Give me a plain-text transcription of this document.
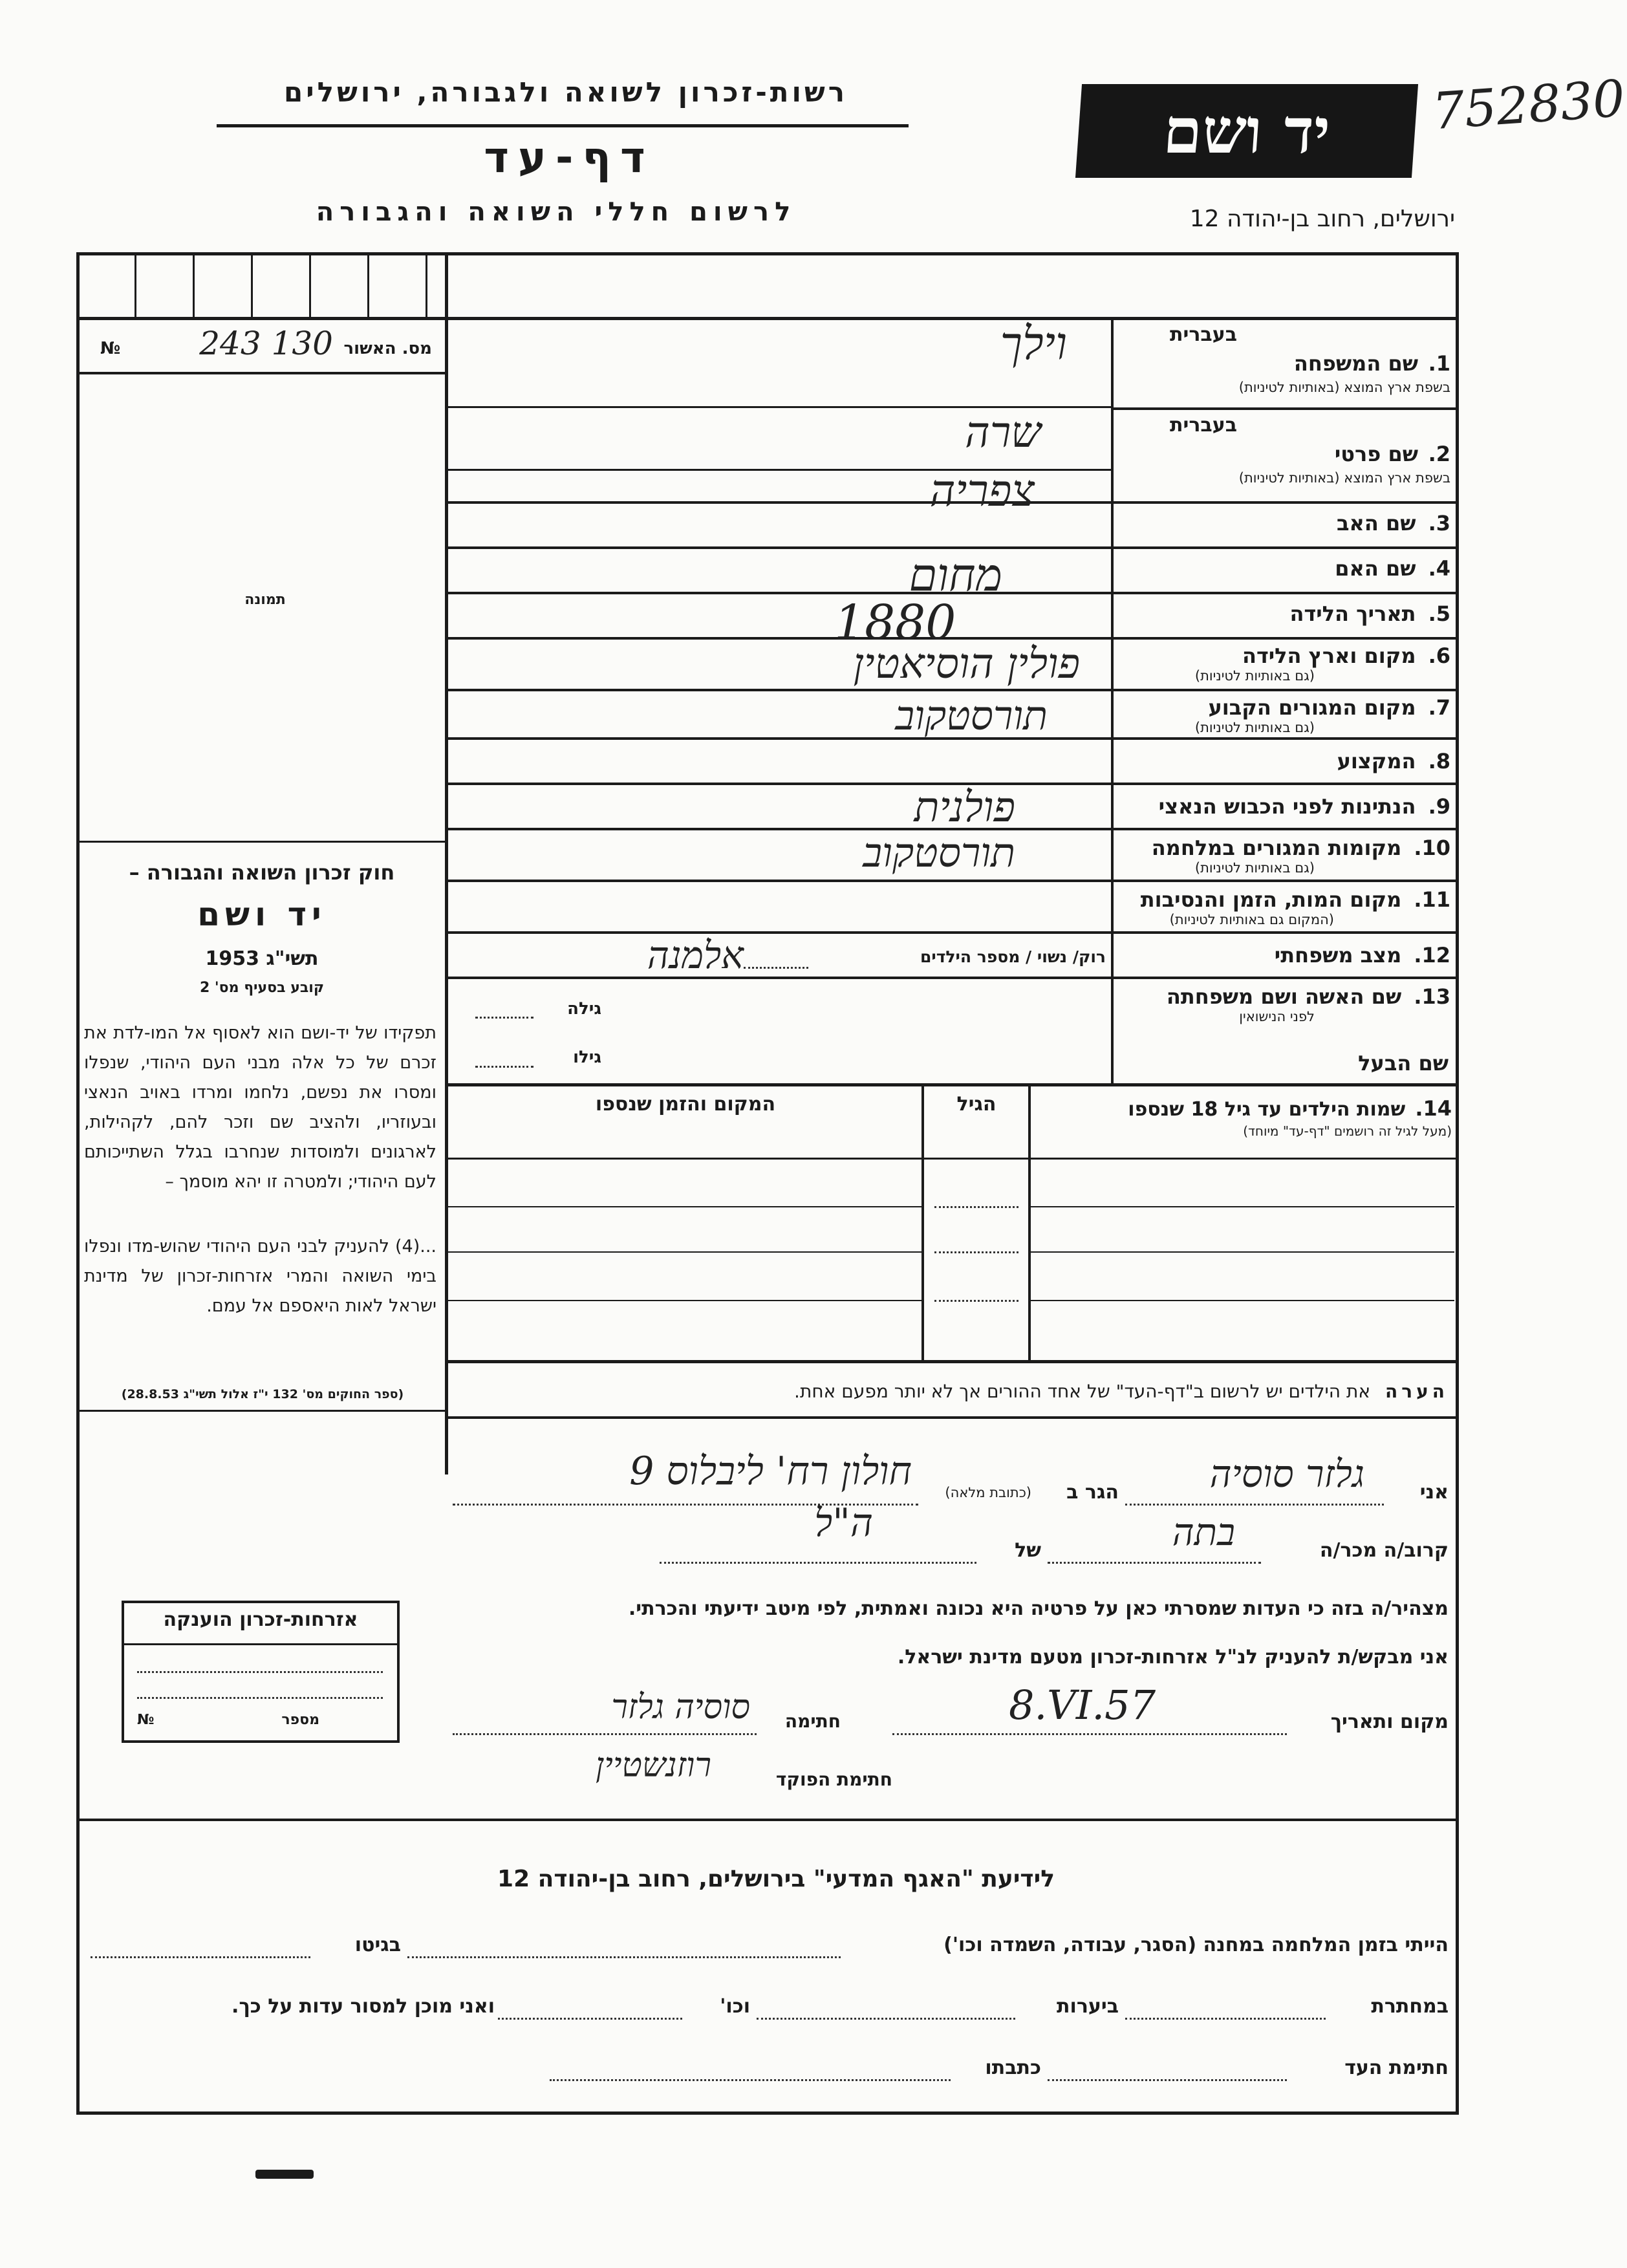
רשות-זכרון לשואה ולגבורה, ירושלים
דף-עד
לרשום חללי השואה והגבורה
יד ושם	752830
ירושלים, רחוב בן-יהודה 12
מס. האשור
243 130
№
תמונה
חוק זכרון השואה והגבורה –
יד ושם
תשי"ג 1953
קובע בסעיף מס' 2
תפקידו של יד-ושם הוא לאסוף אל המו-לדת את זכרם של כל אלה מבני העם היהודי, שנפלו ומסרו את נפשם, נלחמו ומרדו באויב הנאצי ובעוזריו, ולהציב שם וזכר להם, לקהילות, לארגונים ולמוסדות שנחרבו בגלל השתייכותם לעם היהודי; ולמטרה זו יהא מוסמך –
...(4) להעניק לבני העם היהודי שהוש-מדו ונפלו בימי השואה והמרי אזרחות-זכרון של מדינת ישראל לאות היאספם אל עמם.
(ספר החוקים מס' 132 י"ז אלול תשי"ג 28.8.53)
אזרחות-זכרון הוענקה
מספר
№
בעברית
1.
שם המשפחה
בשפת ארץ המוצא (באותיות לטיניות)
וילך
בעברית
2.
שם פרטי
בשפת ארץ המוצא (באותיות לטיניות)
שרה
3. שם האב
צפריה
4. שם האם
מחום
5. תאריך הלידה
1880
6. מקום וארץ הלידה
(גם באותיות לטיניות)
פולין הוסיאטין
7. מקום המגורים הקבוע
(גם באותיות לטיניות)
תורסטקוב
8. המקצוע
9. הנתינות לפני הכבוש הנאצי
פולנית
10. מקומות המגורים במלחמה
(גם באותיות לטיניות)
תורסטקוב
11. מקום המות, הזמן והנסיבות
(המקום גם באותיות לטיניות)
12. מצב משפחתי
רוק/ נשוי / מספר הילדים
אלמנה
13. שם האשה ושם משפחתה
לפני הנישואין
גילה
שם הבעל
גילו
14. שמות הילדים עד גיל 18 שנספו
(מעל לגיל זה רושמים "דף-עד" מיוחד)
הגיל
המקום והזמן שנספו
הערה את הילדים יש לרשום ב"דף-העד" של אחד ההורים אך לא יותר מפעם אחת.
אני
גלזר סוסיה
הגר ב
(כתובת מלאה)
חולון רח' ליבלוס 9
קרוב/ה מכר/ה
בתה
של
ה"ל
מצהיר/ה בזה כי העדות שמסרתי כאן על פרטיה היא נכונה ואמתית, לפי מיטב ידיעתי והכרתי.
אני מבקש/ת להעניק לנ"ל אזרחות-זכרון מטעם מדינת ישראל.
מקום ותאריך
8.VI.57
חתימה
סוסיה גלזר
חתימת הפוקד
רוזנשטיין
לידיעת "האגף המדעי" בירושלים, רחוב בן-יהודה 12
הייתי בזמן המלחמה במחנה (הסגר, עבודה, השמדה וכו')
בגיטו
במחתרת
ביערות
וכו'
ואני מוכן למסור עדות על כך.
חתימת העד
כתבתו
